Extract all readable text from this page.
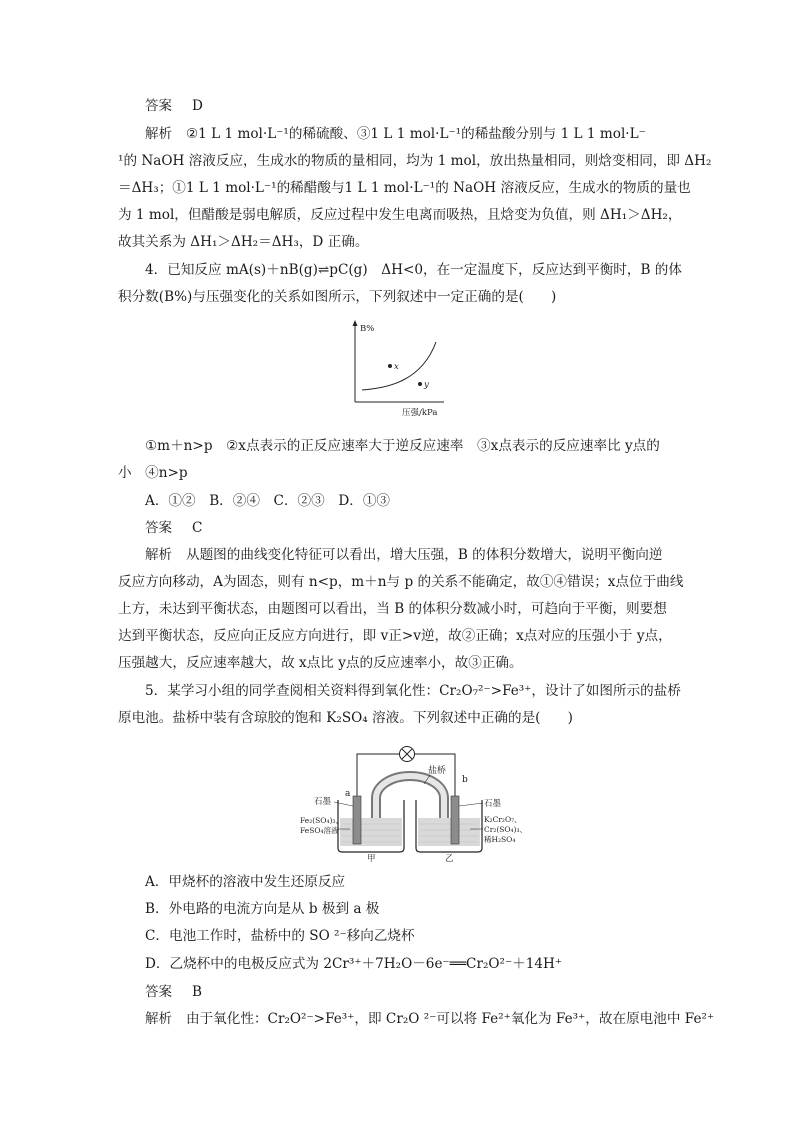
答案 D
解析 ②1 L 1 mol·L⁻¹的稀硫酸、③1 L 1 mol·L⁻¹的稀盐酸分别与 1 L 1 mol·L⁻
¹的 NaOH 溶液反应，生成水的物质的量相同，均为 1 mol，放出热量相同，则焓变相同，即 ΔH₂
＝ΔH₃；①1 L 1 mol·L⁻¹的稀醋酸与1 L 1 mol·L⁻¹的 NaOH 溶液反应，生成水的物质的量也
为 1 mol，但醋酸是弱电解质，反应过程中发生电离而吸热，且焓变为负值，则 ΔH₁＞ΔH₂，
故其关系为 ΔH₁＞ΔH₂＝ΔH₃，D 正确。
4．已知反应 mA(s)＋nB(g)⇌pC(g)　ΔH<0，在一定温度下，反应达到平衡时，B 的体
积分数(B%)与压强变化的关系如图所示，下列叙述中一定正确的是(　　)
B%
x
y
压强/kPa
①m＋n>p　②x点表示的正反应速率大于逆反应速率　③x点表示的反应速率比 y点的
小　④n>p
A．①②　B．②④　C．②③　D．①③
答案 C
解析 从题图的曲线变化特征可以看出，增大压强，B 的体积分数增大，说明平衡向逆
反应方向移动，A为固态，则有 n<p，m＋n与 p 的关系不能确定，故①④错误；x点位于曲线
上方，未达到平衡状态，由题图可以看出，当 B 的体积分数减小时，可趋向于平衡，则要想
达到平衡状态，反应向正反应方向进行，即 v正>v逆，故②正确；x点对应的压强小于 y点，
压强越大，反应速率越大，故 x点比 y点的反应速率小，故③正确。
5．某学习小组的同学查阅相关资料得到氧化性：Cr₂O₇²⁻>Fe³⁺，设计了如图所示的盐桥
原电池。盐桥中装有含琼胶的饱和 K₂SO₄ 溶液。下列叙述中正确的是(　　)
盐桥
a
b
石墨
Fe₂(SO₄)₃、
FeSO₄溶液
甲
石墨
K₂Cr₂O₇、
Cr₂(SO₄)₃、
稀H₂SO₄
乙
A．甲烧杯的溶液中发生还原反应
B．外电路的电流方向是从 b 极到 a 极
C．电池工作时，盐桥中的 SO ²⁻移向乙烧杯
D．乙烧杯中的电极反应式为 2Cr³⁺＋7H₂O－6e⁻══Cr₂O²⁻＋14H⁺
答案 B
解析 由于氧化性：Cr₂O²⁻>Fe³⁺，即 Cr₂O ²⁻可以将 Fe²⁺氧化为 Fe³⁺，故在原电池中 Fe²⁺
